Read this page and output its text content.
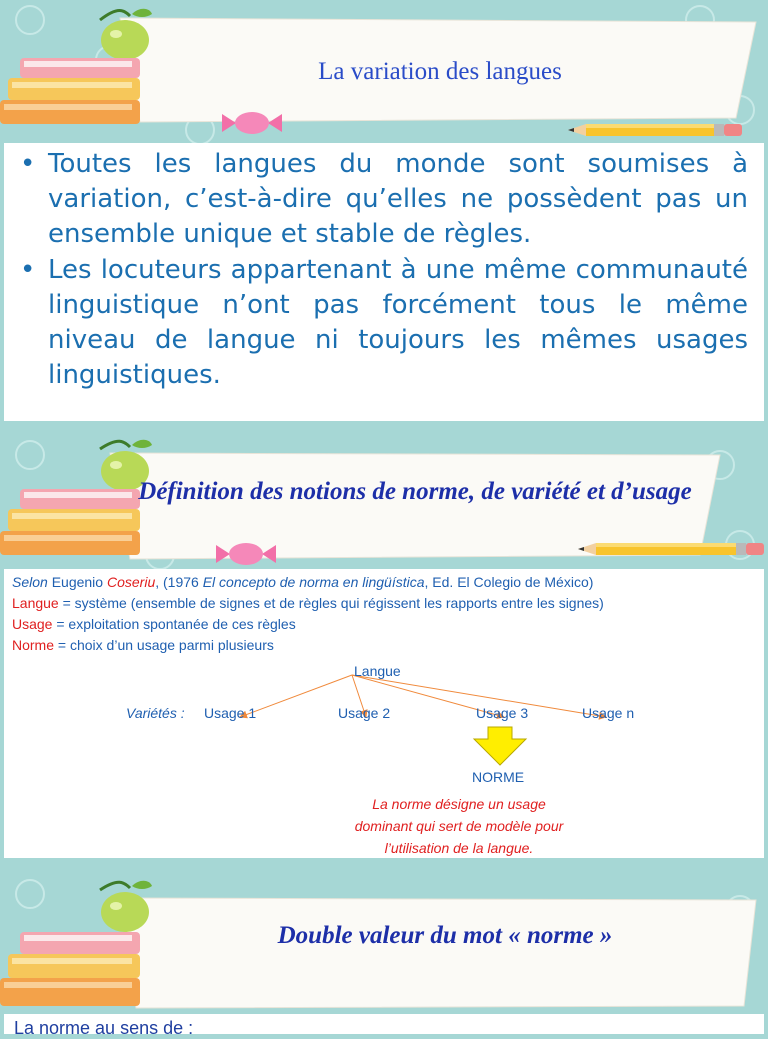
La variation des langues
• Toutes les langues du monde sont soumises à variation, c’est-à-dire qu’elles ne possèdent pas un ensemble unique et stable de règles.
• Les locuteurs appartenant à une même communauté linguistique n’ont pas forcément tous le même niveau de langue ni toujours les mêmes usages linguistiques.
Définition des notions de norme, de variété et d’usage
Selon Eugenio Coseriu, (1976 El concepto de norma en lingüística, Ed. El Colegio de México)
Langue = système (ensemble de signes et de règles qui régissent les rapports entre les signes)
Usage = exploitation spontanée de ces règles
Norme = choix d’un usage parmi plusieurs
Langue
Variétés : Usage 1	Usage 2	Usage 3	Usage n
NORME
La norme désigne un usage
dominant qui sert de modèle pour
l’utilisation de la langue.
Double valeur du mot « norme »
La norme au sens de :
